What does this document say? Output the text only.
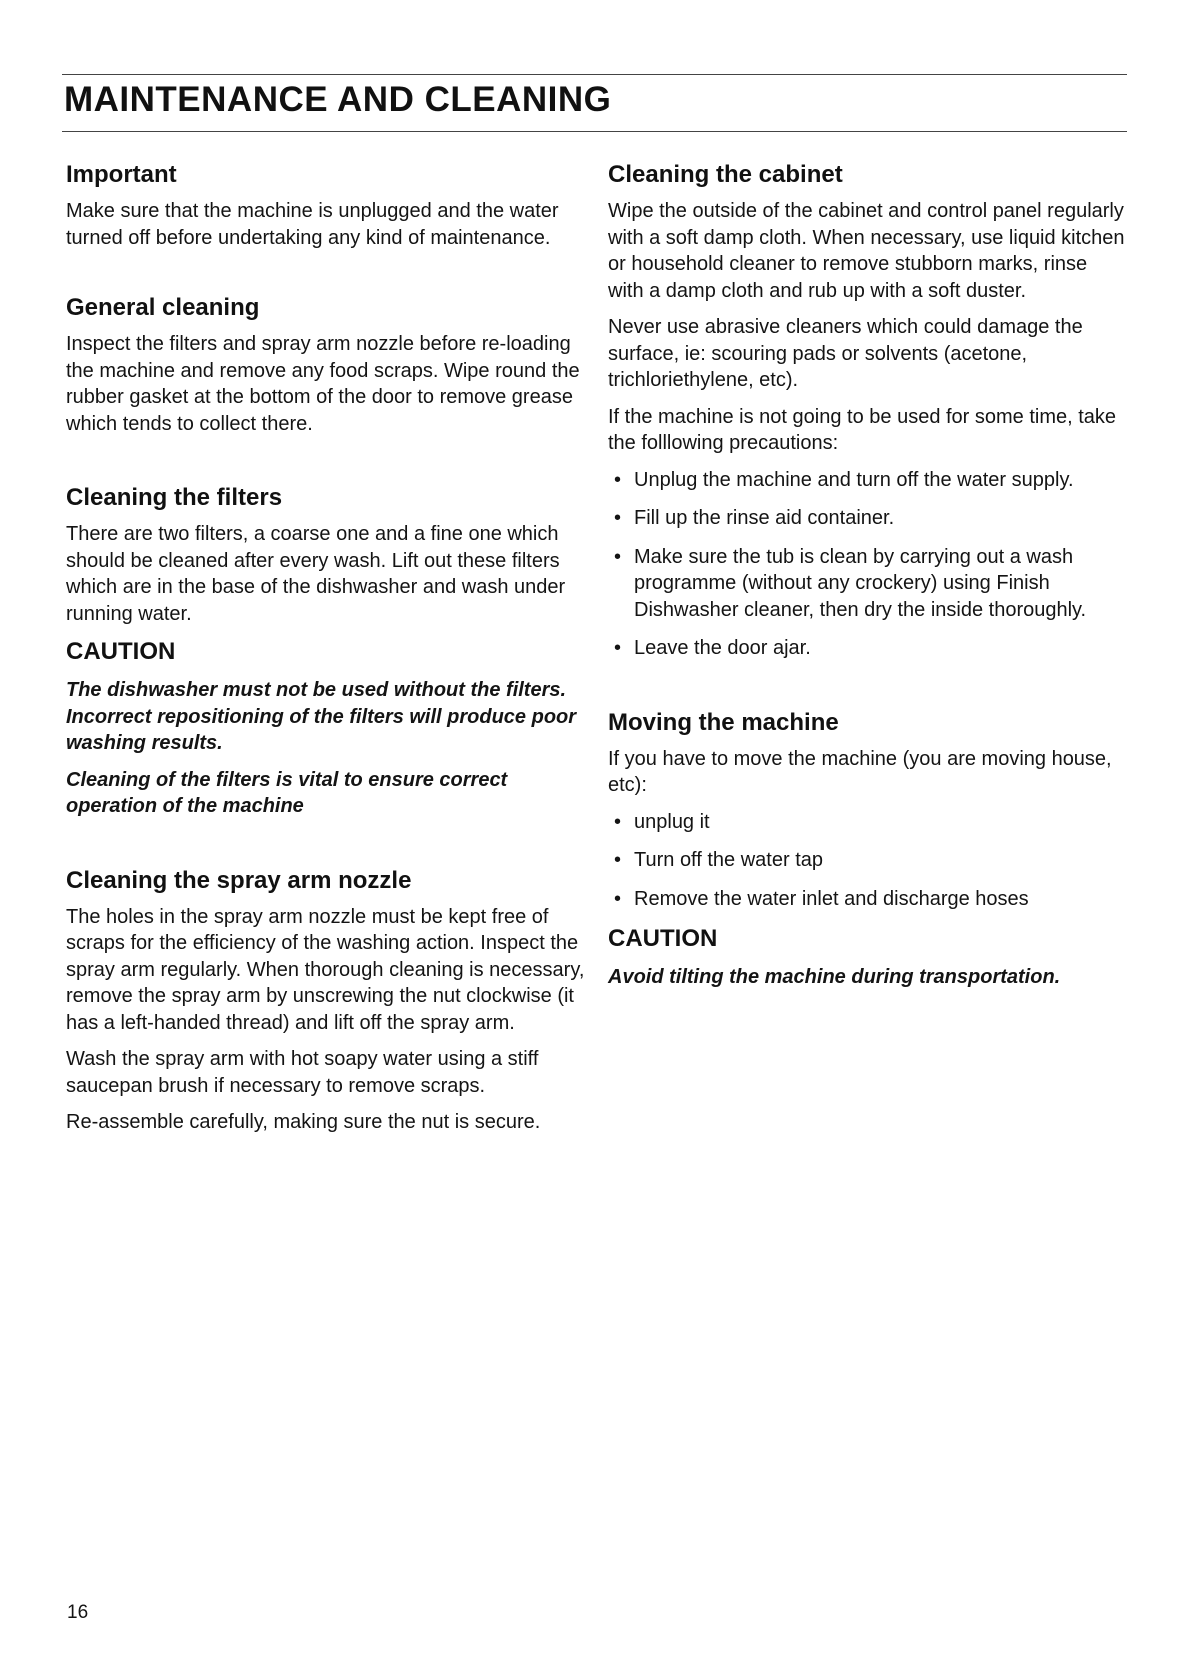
MAINTENANCE AND CLEANING
Important

Make sure that the machine is unplugged and the water turned off before undertaking any kind of maintenance.

General cleaning

Inspect the filters and spray arm nozzle before re-loading the machine and remove any food scraps. Wipe round the rubber gasket at the bottom of the door to remove grease which tends to collect there.

Cleaning the filters

There are two filters, a coarse one and a fine one which should be cleaned after every wash. Lift out these filters which are in the base of the dishwasher and wash under running water.

CAUTION

The dishwasher must not be used without the filters. Incorrect repositioning of the filters will produce poor washing results.

Cleaning of the filters is vital to ensure correct operation of the machine

Cleaning the spray arm nozzle

The holes in the spray arm nozzle must be kept free of scraps for the efficiency of the washing action. Inspect the spray arm regularly. When thorough cleaning is necessary, remove the spray arm by unscrewing the nut clockwise (it has a left-handed thread) and lift off the spray arm.

Wash the spray arm with hot soapy water using a stiff saucepan brush if necessary to remove scraps.

Re-assemble carefully, making sure the nut is secure.

Cleaning the cabinet

Wipe the outside of the cabinet and control panel regularly with a soft damp cloth. When necessary, use liquid kitchen or household cleaner to remove stubborn marks, rinse with a damp cloth and rub up with a soft duster.

Never use abrasive cleaners which could damage the surface, ie: scouring pads or solvents (acetone, trichloriethylene, etc).

If the machine is not going to be used for some time, take the folllowing precautions:

• Unplug the machine and turn off the water supply.
• Fill up the rinse aid container.
• Make sure the tub is clean by carrying out a wash programme (without any crockery) using Finish Dishwasher cleaner, then dry the inside thoroughly.
• Leave the door ajar.
Moving the machine

If you have to move the machine (you are moving house, etc):

• unplug it
• Turn off the water tap
• Remove the water inlet and discharge hoses
CAUTION

Avoid tilting the machine during transportation.

16
